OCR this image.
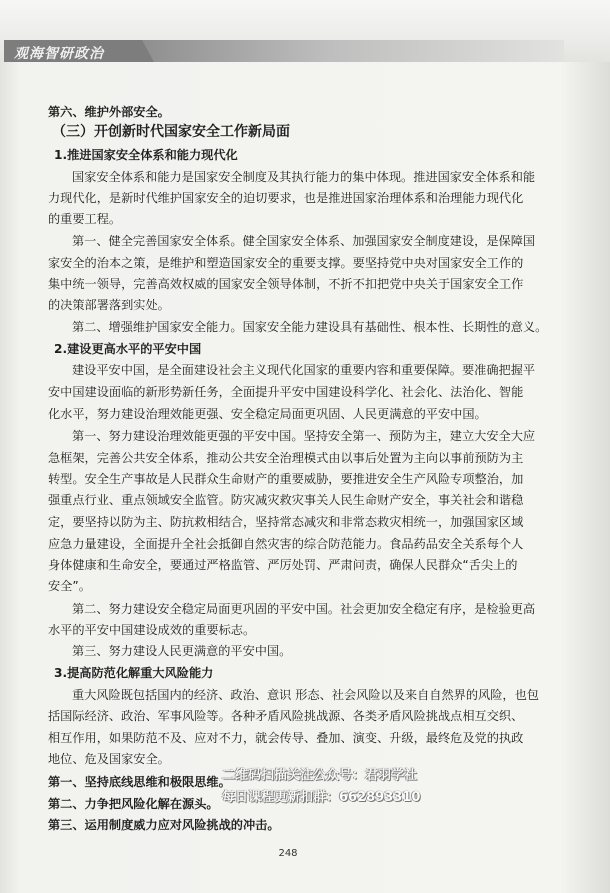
观海智研政治
第六、维护外部安全。
（三）开创新时代国家安全工作新局面
1.推进国家安全体系和能力现代化
国家安全体系和能力是国家安全制度及其执行能力的集中体现。推进国家安全体系和能
力现代化，是新时代维护国家安全的迫切要求，也是推进国家治理体系和治理能力现代化
的重要工程。
第一、健全完善国家安全体系。健全国家安全体系、加强国家安全制度建设，是保障国
家安全的治本之策，是维护和塑造国家安全的重要支撑。要坚持党中央对国家安全工作的
集中统一领导，完善高效权威的国家安全领导体制，不折不扣把党中央关于国家安全工作
的决策部署落到实处。
第二、增强维护国家安全能力。国家安全能力建设具有基础性、根本性、长期性的意义。
2.建设更高水平的平安中国
建设平安中国，是全面建设社会主义现代化国家的重要内容和重要保障。要准确把握平
安中国建设面临的新形势新任务，全面提升平安中国建设科学化、社会化、法治化、智能
化水平，努力建设治理效能更强、安全稳定局面更巩固、人民更满意的平安中国。
第一、努力建设治理效能更强的平安中国。坚持安全第一、预防为主，建立大安全大应
急框架，完善公共安全体系，推动公共安全治理模式由以事后处置为主向以事前预防为主
转型。安全生产事故是人民群众生命财产的重要威胁，要推进安全生产风险专项整治，加
强重点行业、重点领域安全监管。防灾减灾救灾事关人民生命财产安全，事关社会和谐稳
定，要坚持以防为主、防抗救相结合，坚持常态减灾和非常态救灾相统一，加强国家区域
应急力量建设，全面提升全社会抵御自然灾害的综合防范能力。食品药品安全关系每个人
身体健康和生命安全，要通过严格监管、严厉处罚、严肃问责，确保人民群众“舌尖上的
安全”。
第二、努力建设安全稳定局面更巩固的平安中国。社会更加安全稳定有序，是检验更高
水平的平安中国建设成效的重要标志。
第三、努力建设人民更满意的平安中国。
3.提高防范化解重大风险能力
重大风险既包括国内的经济、政治、意识 形态、社会风险以及来自自然界的风险，也包
括国际经济、政治、军事风险等。各种矛盾风险挑战源、各类矛盾风险挑战点相互交织、
相互作用，如果防范不及、应对不力，就会传导、叠加、演变、升级，最终危及党的执政
地位、危及国家安全。
第一、坚持底线思维和极限思维。
第二、力争把风险化解在源头。
第三、运用制度威力应对风险挑战的冲击。
二维码扫描关注公众号：君羽学社
每日课程更新扣群：662893310
248
